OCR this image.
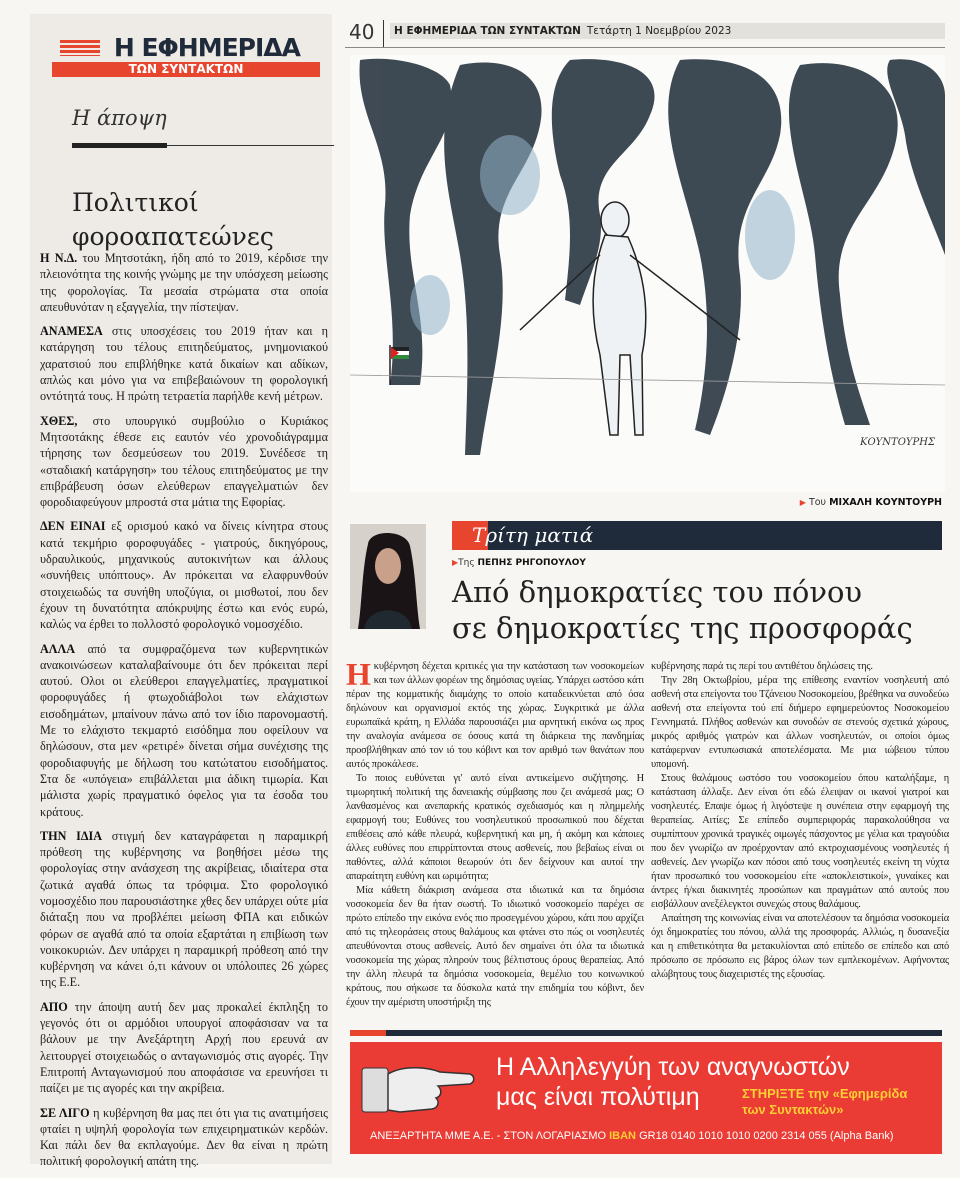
Η ΕΦΗΜΕΡΙΔΑ
ΤΩΝ ΣΥΝΤΑΚΤΩΝ
Η άποψη
Πολιτικοί
φοροαπατεώνες

Η Ν.Δ. του Μητσοτάκη, ήδη από το 2019, κέρδισε την πλειονότητα της κοινής γνώμης με την υπόσχεση μείωσης της φορολογίας. Τα μεσαία στρώματα στα οποία απευθυνόταν η εξαγγελία, την πίστεψαν.

ΑΝΑΜΕΣΑ στις υποσχέσεις του 2019 ήταν και η κατάργηση του τέλους επιτηδεύματος, μνημονιακού χαρατσιού που επιβλήθηκε κατά δικαίων και αδίκων, απλώς και μόνο για να επιβεβαιώνουν τη φορολογική οντότητά τους. Η πρώτη τετραετία παρήλθε κενή μέτρων.

ΧΘΕΣ, στο υπουργικό συμβούλιο ο Κυριάκος Μητσοτάκης έθεσε εις εαυτόν νέο χρονοδιάγραμμα τήρησης των δεσμεύσεων του 2019. Συνέδεσε τη «σταδιακή κατάργηση» του τέλους επιτηδεύματος με την επιβράβευση όσων ελεύθερων επαγγελματιών δεν φοροδιαφεύγουν μπροστά στα μάτια της Εφορίας.

ΔΕΝ ΕΙΝΑΙ εξ ορισμού κακό να δίνεις κίνητρα στους κατά τεκμήριο φοροφυγάδες - γιατρούς, δικηγόρους, υδραυλικούς, μηχανικούς αυτοκινήτων και άλλους «συνήθεις υπόπτους». Αν πρόκειται να ελαφρυνθούν στοιχειωδώς τα συνήθη υποζύγια, οι μισθωτοί, που δεν έχουν τη δυνατότητα απόκρυψης έστω και ενός ευρώ, καλώς να έρθει το πολλοστό φορολογικό νομοσχέδιο.

ΑΛΛΑ από τα συμφραζόμενα των κυβερνητικών ανακοινώσεων καταλαβαίνουμε ότι δεν πρόκειται περί αυτού. Ολοι οι ελεύθεροι επαγγελματίες, πραγματικοί φοροφυγάδες ή φτωχοδιάβολοι των ελάχιστων εισοδημάτων, μπαίνουν πάνω από τον ίδιο παρονομαστή. Με το ελάχιστο τεκμαρτό εισόδημα που οφείλουν να δηλώσουν, στα μεν «ρετιρέ» δίνεται σήμα συνέχισης της φοροδιαφυγής με δήλωση του κατώτατου εισοδήματος. Στα δε «υπόγεια» επιβάλλεται μια άδικη τιμωρία. Και μάλιστα χωρίς πραγματικό όφελος για τα έσοδα του κράτους.

ΤΗΝ ΙΔΙΑ στιγμή δεν καταγράφεται η παραμικρή πρόθεση της κυβέρνησης να βοηθήσει μέσω της φορολογίας στην ανάσχεση της ακρίβειας, ιδιαίτερα στα ζωτικά αγαθά όπως τα τρόφιμα. Στο φορολογικό νομοσχέδιο που παρουσιάστηκε χθες δεν υπάρχει ούτε μία διάταξη που να προβλέπει μείωση ΦΠΑ και ειδικών φόρων σε αγαθά από τα οποία εξαρτάται η επιβίωση των νοικοκυριών. Δεν υπάρχει η παραμικρή πρόθεση από την κυβέρνηση να κάνει ό,τι κάνουν οι υπόλοιπες 26 χώρες της Ε.Ε.

ΑΠΟ την άποψη αυτή δεν μας προκαλεί έκπληξη το γεγονός ότι οι αρμόδιοι υπουργοί αποφάσισαν να τα βάλουν με την Ανεξάρτητη Αρχή που ερευνά αν λειτουργεί στοιχειωδώς ο ανταγωνισμός στις αγορές. Την Επιτροπή Ανταγωνισμού που αποφάσισε να ερευνήσει τι παίζει με τις αγορές και την ακρίβεια.

ΣΕ ΛΙΓΟ η κυβέρνηση θα μας πει ότι για τις ανατιμήσεις φταίει η υψηλή φορολογία των επιχειρηματικών κερδών. Και πάλι δεν θα εκπλαγούμε. Δεν θα είναι η πρώτη πολιτική φορολογική απάτη της.

40	Η ΕΦΗΜΕΡΙΔΑ ΤΩΝ ΣΥΝΤΑΚΤΩΝ Τετάρτη 1 Νοεμβρίου 2023
ΚΟΥΝΤΟΥΡΗΣ
▶ Του ΜΙΧΑΛΗ ΚΟΥΝΤΟΥΡΗ
Τρίτη ματιά
▶Της ΠΕΠΗΣ ΡΗΓΟΠΟΥΛΟΥ
Από δημοκρατίες του πόνου
σε δημοκρατίες της προσφοράς

Η κυβέρνηση δέχεται κριτικές για την κατάσταση των νοσοκομείων και των άλλων φορέων της δημόσιας υγείας. Υπάρχει ωστόσο κάτι πέραν της κομματικής διαμάχης το οποίο καταδεικνύεται από όσα δηλώνουν και οργανισμοί εκτός της χώρας. Συγκριτικά με άλλα ευρωπαϊκά κράτη, η Ελλάδα παρουσιάζει μια αρνητική εικόνα ως προς την αναλογία ανάμεσα σε όσους κατά τη διάρκεια της πανδημίας προσβλήθηκαν από τον ιό του κόβιντ και τον αριθμό των θανάτων που αυτός προκάλεσε.

Το ποιος ευθύνεται γι' αυτό είναι αντικείμενο συζήτησης. Η τιμωρητική πολιτική της δανειακής σύμβασης που ζει ανάμεσά μας; Ο λανθασμένος και ανεπαρκής κρατικός σχεδιασμός και η πλημμελής εφαρμογή του; Ευθύνες του νοσηλευτικού προσωπικού που δέχεται επιθέσεις από κάθε πλευρά, κυβερνητική και μη, ή ακόμη και κάποιες άλλες ευθύνες που επιρρίπτονται στους ασθενείς, που βεβαίως είναι οι παθόντες, αλλά κάποιοι θεωρούν ότι δεν δείχνουν και αυτοί την απαραίτητη ευθύνη και ωριμότητα;

Μία κάθετη διάκριση ανάμεσα στα ιδιωτικά και τα δημόσια νοσοκομεία δεν θα ήταν σωστή. Το ιδιωτικό νοσοκομείο παρέχει σε πρώτο επίπεδο την εικόνα ενός πιο προσεγμένου χώρου, κάτι που αρχίζει από τις τηλεοράσεις στους θαλάμους και φτάνει στο πώς οι νοσηλευτές απευθύνονται στους ασθενείς. Αυτό δεν σημαίνει ότι όλα τα ιδιωτικά νοσοκομεία της χώρας πληρούν τους βέλτιστους όρους θεραπείας. Από την άλλη πλευρά τα δημόσια νοσοκομεία, θεμέλιο του κοινωνικού κράτους, που σήκωσε τα δύσκολα κατά την επιδημία του κόβιντ, δεν έχουν την αμέριστη υποστήριξη της

κυβέρνησης παρά τις περί του αντιθέτου δηλώσεις της.

Την 28η Οκτωβρίου, μέρα της επίθεσης εναντίον νοσηλευτή από ασθενή στα επείγοντα του Τζάνειου Νοσοκομείου, βρέθηκα να συνοδεύω ασθενή στα επείγοντα τού επί διήμερο εφημερεύοντος Νοσοκομείου Γεννηματά. Πλήθος ασθενών και συνοδών σε στενούς σχετικά χώρους, μικρός αριθμός γιατρών και άλλων νοσηλευτών, οι οποίοι όμως κατάφερναν εντυπωσιακά αποτελέσματα. Με μια ιώβειου τύπου υπομονή.

Στους θαλάμους ωστόσο του νοσοκομείου όπου καταλήξαμε, η κατάσταση άλλαξε. Δεν είναι ότι εδώ έλειψαν οι ικανοί γιατροί και νοσηλευτές. Επαψε όμως ή λιγόστεψε η συνέπεια στην εφαρμογή της θεραπείας. Αιτίες; Σε επίπεδο συμπεριφοράς παρακολούθησα να συμπίπτουν χρονικά τραγικές οιμωγές πάσχοντος με γέλια και τραγούδια που δεν γνωρίζω αν προέρχονταν από εκτροχιασμένους νοσηλευτές ή ασθενείς. Δεν γνωρίζω καν πόσοι από τους νοσηλευτές εκείνη τη νύχτα ήταν προσωπικό του νοσοκομείου είτε «αποκλειστικοί», γυναίκες και άντρες ή/και διακινητές προσώπων και πραγμάτων από αυτούς που εισβάλλουν ανεξέλεγκτοι συνεχώς στους θαλάμους.

Απαίτηση της κοινωνίας είναι να αποτελέσουν τα δημόσια νοσοκομεία όχι δημοκρατίες του πόνου, αλλά της προσφοράς. Αλλιώς, η δυσανεξία και η επιθετικότητα θα μετακυλίονται από επίπεδο σε επίπεδο και από πρόσωπο σε πρόσωπο εις βάρος όλων των εμπλεκομένων. Αφήνοντας αλώβητους τους διαχειριστές της εξουσίας.

Η Αλληλεγγύη των αναγνωστών
μας είναι πολύτιμη	ΣΤΗΡΙΞΤΕ την «Εφημερίδα
των Συντακτών»
ΑΝΕΞΑΡΤΗΤΑ ΜΜΕ Α.Ε. - ΣΤΟΝ ΛΟΓΑΡΙΑΣΜΟ IBAN GR18 0140 1010 1010 0200 2314 055 (Alpha Bank)
